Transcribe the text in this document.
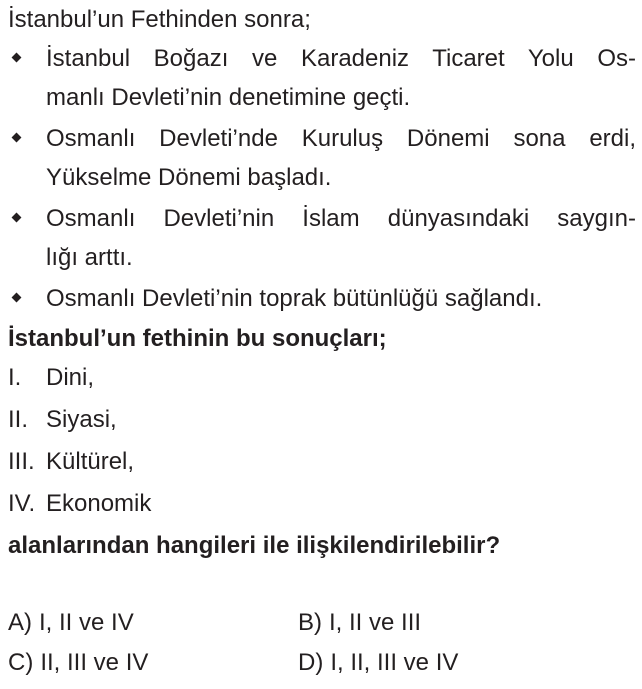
İstanbul’un Fethinden sonra;
İstanbul Boğazı ve Karadeniz Ticaret Yolu Os-
manlı Devleti’nin denetimine geçti.
Osmanlı Devleti’nde Kuruluş Dönemi sona erdi,
Yükselme Dönemi başladı.
Osmanlı Devleti’nin İslam dünyasındaki saygın-
lığı arttı.
Osmanlı Devleti’nin toprak bütünlüğü sağlandı.
İstanbul’un fethinin bu sonuçları;
I. Dini,
II. Siyasi,
III. Kültürel,
IV. Ekonomik
alanlarından hangileri ile ilişkilendirilebilir?
A) I, II ve IV	B) I, II ve III
C) II, III ve IV	D) I, II, III ve IV
